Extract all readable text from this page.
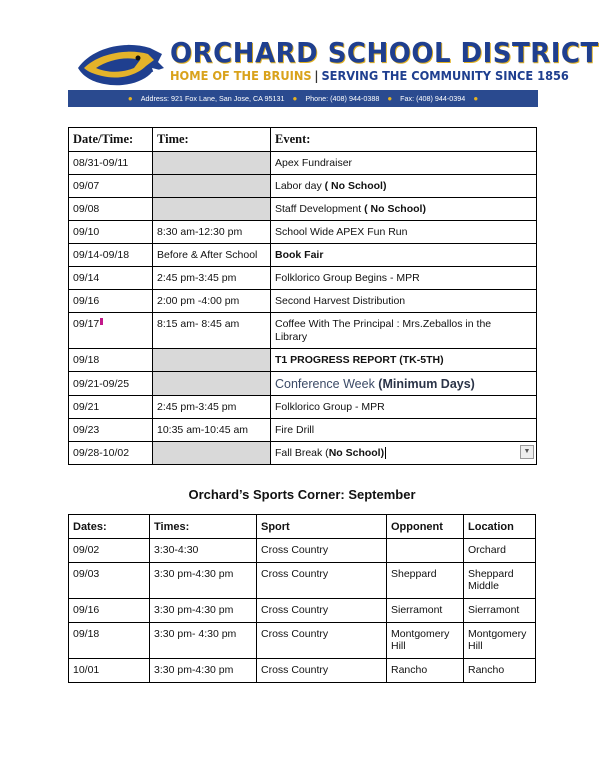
ORCHARD SCHOOL DISTRICT
HOME OF THE BRUINS | SERVING THE COMMUNITY SINCE 1856
● Address: 921 Fox Lane, San Jose, CA 95131 ● Phone: (408) 944-0388 ● Fax: (408) 944-0394 ●
Date/Time:	Time:	Event:
08/31-09/11		Apex Fundraiser
09/07		Labor day ( No School)
09/08		Staff Development ( No School)
09/10	8:30 am-12:30 pm	School Wide APEX Fun Run
09/14-09/18	Before & After School	Book Fair
09/14	2:45 pm-3:45 pm	Folklorico Group Begins - MPR
09/16	2:00 pm -4:00 pm	Second Harvest Distribution
09/17	8:15 am- 8:45 am	Coffee With The Principal : Mrs.Zeballos in the Library
09/18		T1 PROGRESS REPORT (TK-5TH)
09/21-09/25		Conference Week (Minimum Days)
09/21	2:45 pm-3:45 pm	Folklorico Group - MPR
09/23	10:35 am-10:45 am	Fire Drill
09/28-10/02		Fall Break (No School) ▼
Orchard’s Sports Corner: September
Dates:	Times:	Sport	Opponent	Location
09/02	3:30-4:30	Cross Country		Orchard
09/03	3:30 pm-4:30 pm	Cross Country	Sheppard	Sheppard Middle
09/16	3:30 pm-4:30 pm	Cross Country	Sierramont	Sierramont
09/18	3:30 pm- 4:30 pm	Cross Country	Montgomery Hill	Montgomery Hill
10/01	3:30 pm-4:30 pm	Cross Country	Rancho	Rancho
